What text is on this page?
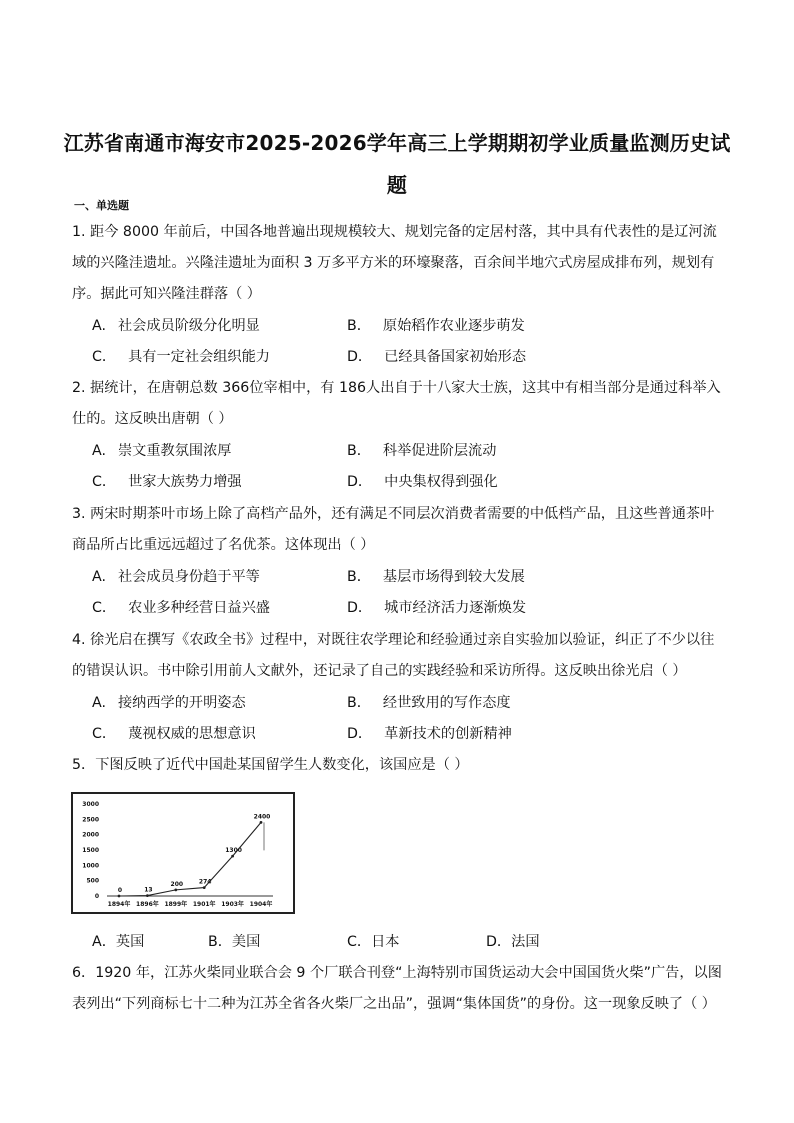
江苏省南通市海安市2025-2026学年高三上学期期初学业质量监测历史试题
一、单选题
1. 距今 8000 年前后，中国各地普遍出现规模较大、规划完备的定居村落，其中具有代表性的是辽河流域的兴隆洼遗址。兴隆洼遗址为面积 3 万多平方米的环壕聚落，百余间半地穴式房屋成排布列，规划有序。据此可知兴隆洼群落（ ）
A. 社会成员阶级分化明显	B． 原始稻作农业逐步萌发
C． 具有一定社会组织能力	D． 已经具备国家初始形态
2. 据统计，在唐朝总数 366位宰相中，有 186人出自于十八家大士族，这其中有相当部分是通过科举入仕的。这反映出唐朝（ ）
A. 崇文重教氛围浓厚	B． 科举促进阶层流动
C． 世家大族势力增强	D． 中央集权得到强化
3. 两宋时期茶叶市场上除了高档产品外，还有满足不同层次消费者需要的中低档产品，且这些普通茶叶商品所占比重远远超过了名优茶。这体现出（ ）
A. 社会成员身份趋于平等	B． 基层市场得到较大发展
C． 农业多种经营日益兴盛	D． 城市经济活力逐渐焕发
4. 徐光启在撰写《农政全书》过程中，对既往农学理论和经验通过亲自实验加以验证，纠正了不少以往的错误认识。书中除引用前人文献外，还记录了自己的实践经验和采访所得。这反映出徐光启（ ）
A. 接纳西学的开明姿态	B． 经世致用的写作态度
C． 蔑视权威的思想意识	D． 革新技术的创新精神
5．下图反映了近代中国赴某国留学生人数变化，该国应是（ ）
0
500
1000
1500
2000
2500
3000
1894年 1896年 1899年 1901年 1903年 1904年
0	13
200	274
1300
2400
A．英国	B．美国	C．日本	D．法国
6．1920 年，江苏火柴同业联合会 9 个厂联合刊登“上海特别市国货运动大会中国国货火柴”广告，以图表列出“下列商标七十二种为江苏全省各火柴厂之出品”，强调“集体国货”的身份。这一现象反映了（ ）
